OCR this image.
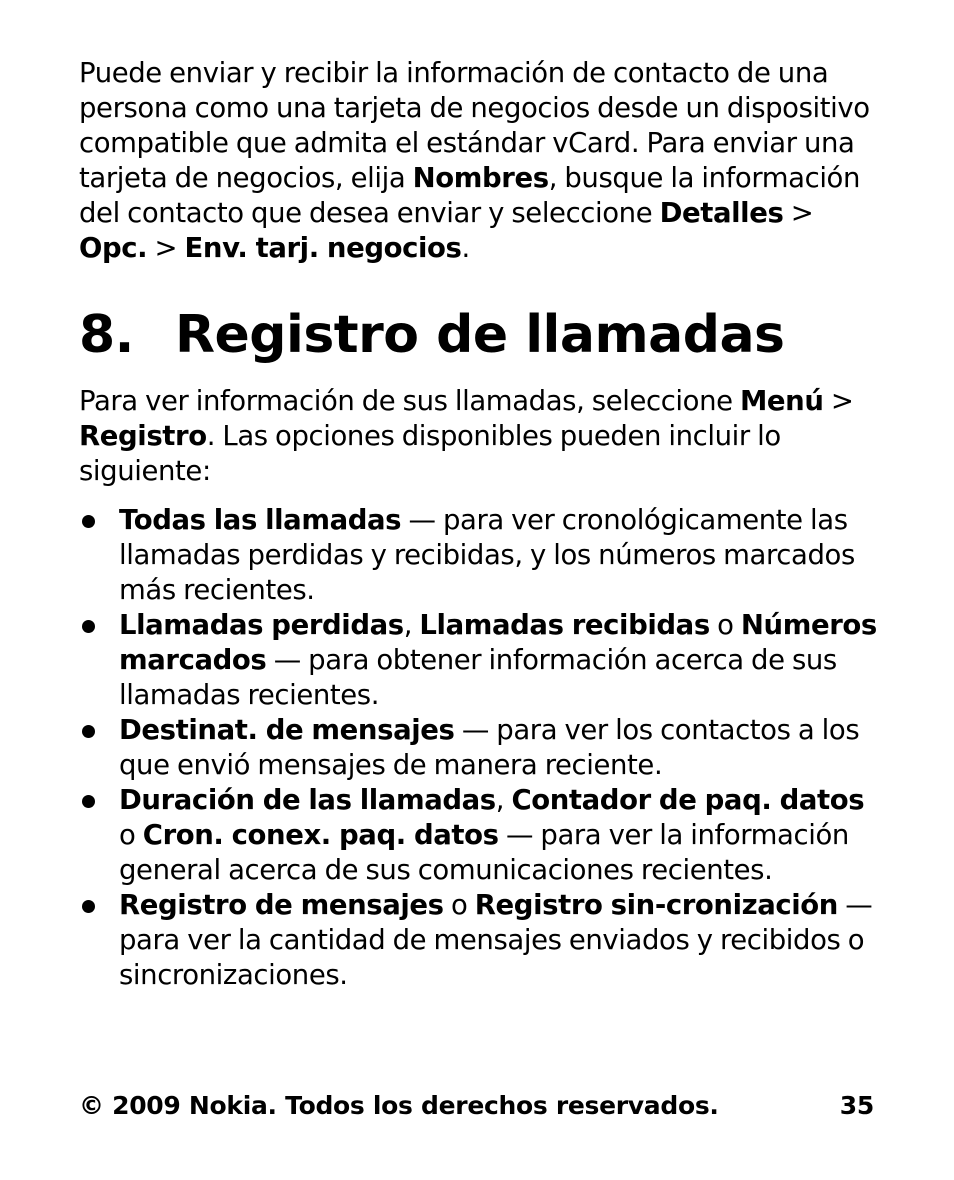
Puede enviar y recibir la información de contacto de una persona como una tarjeta de negocios desde un dispositivo compatible que admita el estándar vCard. Para enviar una tarjeta de negocios, elija Nombres, busque la información del contacto que desea enviar y seleccione Detalles > Opc. > Env. tarj. negocios.

8. Registro de llamadas

Para ver información de sus llamadas, seleccione Menú > Registro. Las opciones disponibles pueden incluir lo siguiente:

Todas las llamadas — para ver cronológicamente las llamadas perdidas y recibidas, y los números marcados más recientes.
Llamadas perdidas, Llamadas recibidas o Números marcados — para obtener información acerca de sus llamadas recientes.
Destinat. de mensajes — para ver los contactos a los que envió mensajes de manera reciente.
Duración de las llamadas, Contador de paq. datos o Cron. conex. paq. datos — para ver la información general acerca de sus comunicaciones recientes.
Registro de mensajes o Registro sin-cronización — para ver la cantidad de mensajes enviados y recibidos o sincronizaciones.
© 2009 Nokia. Todos los derechos reservados.	35
